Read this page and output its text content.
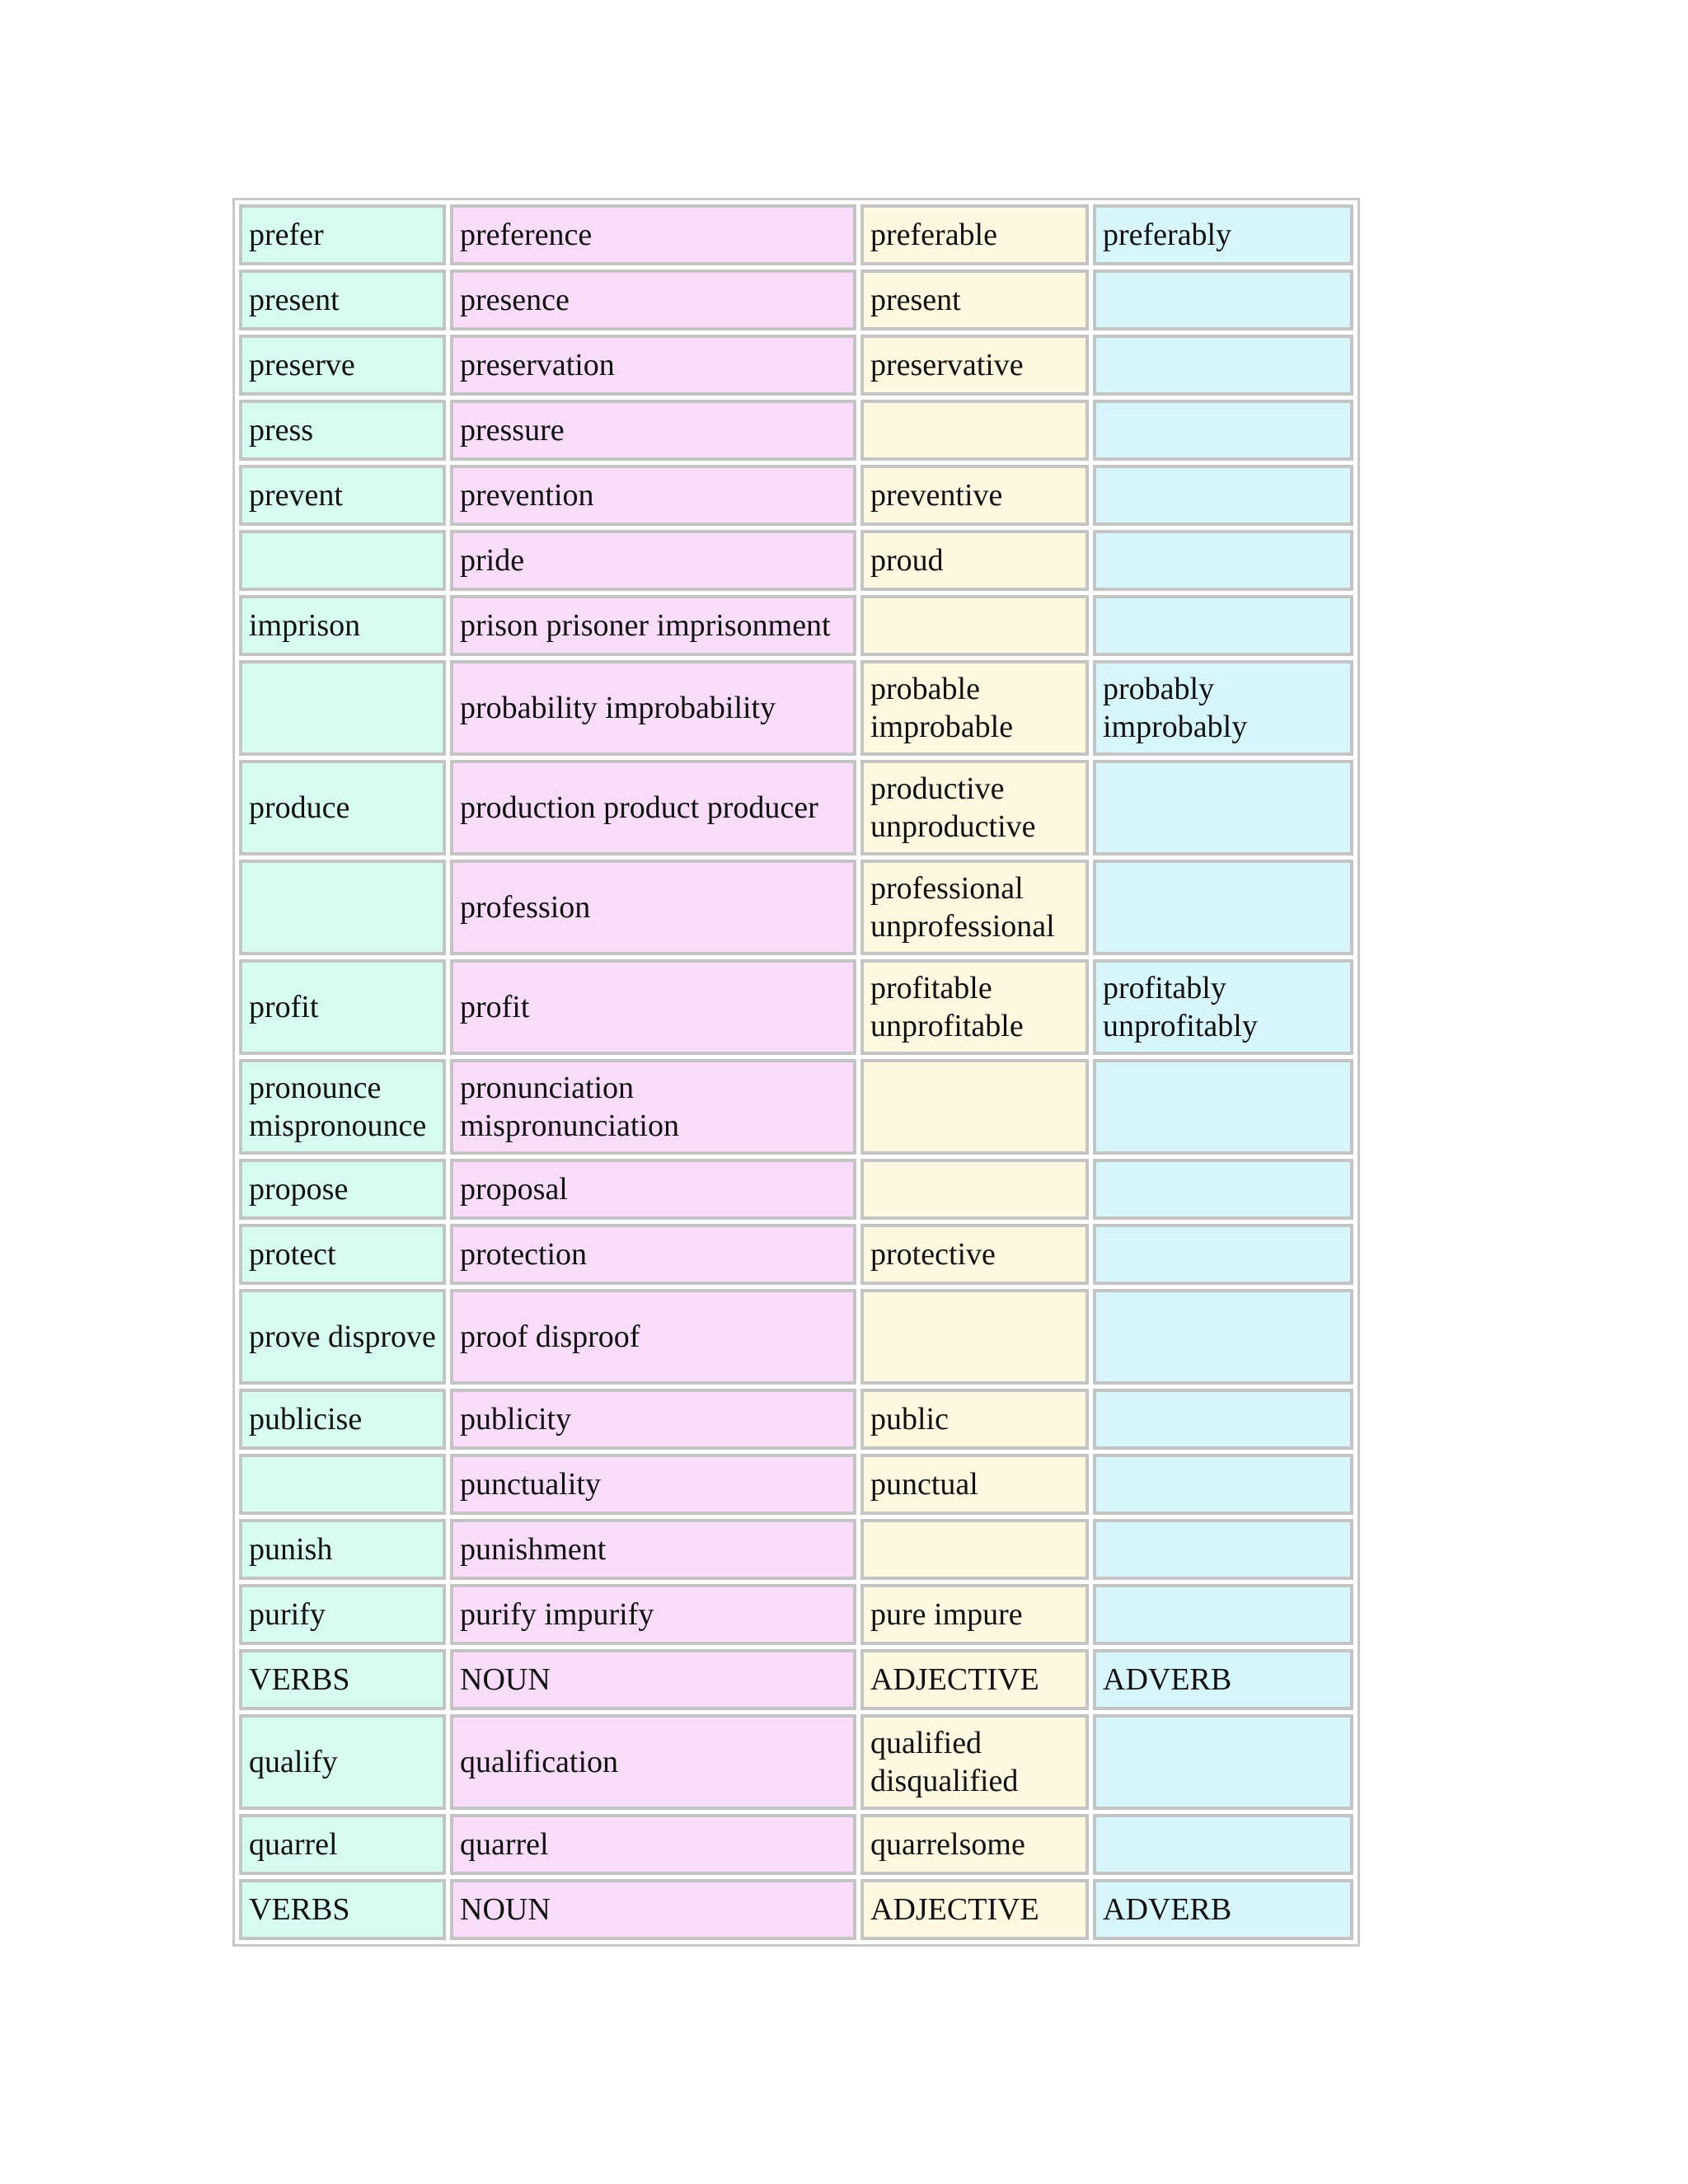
prefer	preference	preferable	preferably
present	presence	present	
preserve	preservation	preservative	
press	pressure		
prevent	prevention	preventive	
	pride	proud	
imprison	prison prisoner imprisonment		
	probability improbability	probable improbable	probably improbably
produce	production product producer	productive unproductive	
	profession	professional unprofessional	
profit	profit	profitable unprofitable	profitably unprofitably
pronounce mispronounce	pronunciation mispronunciation		
propose	proposal		
protect	protection	protective	
prove disprove	proof disproof		
publicise	publicity	public	
	punctuality	punctual	
punish	punishment		
purify	purify impurify	pure impure	
VERBS	NOUN	ADJECTIVE	ADVERB
qualify	qualification	qualified disqualified	
quarrel	quarrel	quarrelsome	
VERBS	NOUN	ADJECTIVE	ADVERB
